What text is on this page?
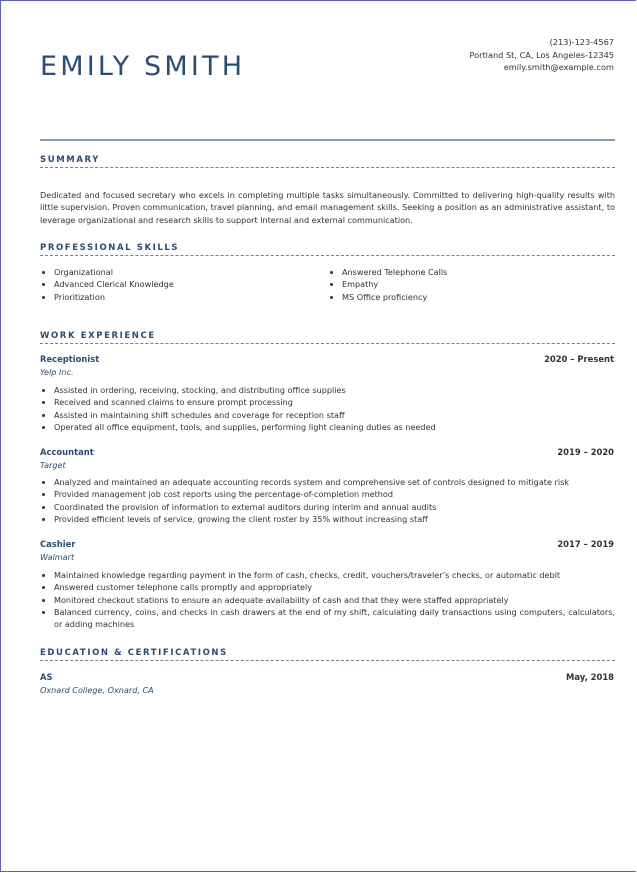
EMILY SMITH
(213)-123-4567
Portland St, CA, Los Angeles-12345
emily.smith@example.com
SUMMARY
Dedicated and focused secretary who excels in completing multiple tasks simultaneously. Committed to delivering high-quality results with little supervision. Proven communication, travel planning, and email management skills. Seeking a position as an administrative assistant, to leverage organizational and research skills to support internal and external communication.
PROFESSIONAL SKILLS
Organizational
Advanced Clerical Knowledge
Prioritization
Answered Telephone Calls
Empathy
MS Office proficiency
WORK EXPERIENCE
Receptionist	2020 – Present
Yelp Inc.
Assisted in ordering, receiving, stocking, and distributing office supplies
Received and scanned claims to ensure prompt processing
Assisted in maintaining shift schedules and coverage for reception staff
Operated all office equipment, tools, and supplies, performing light cleaning duties as needed
Accountant	2019 – 2020
Target
Analyzed and maintained an adequate accounting records system and comprehensive set of controls designed to mitigate risk
Provided management job cost reports using the percentage-of-completion method
Coordinated the provision of information to external auditors during interim and annual audits
Provided efficient levels of service, growing the client roster by 35% without increasing staff
Cashier	2017 – 2019
Walmart
Maintained knowledge regarding payment in the form of cash, checks, credit, vouchers/traveler’s checks, or automatic debit
Answered customer telephone calls promptly and appropriately
Monitored checkout stations to ensure an adequate availability of cash and that they were staffed appropriately
Balanced currency, coins, and checks in cash drawers at the end of my shift, calculating daily transactions using computers, calculators, or adding machines
EDUCATION & CERTIFICATIONS
AS	May, 2018
Oxnard College, Oxnard, CA
